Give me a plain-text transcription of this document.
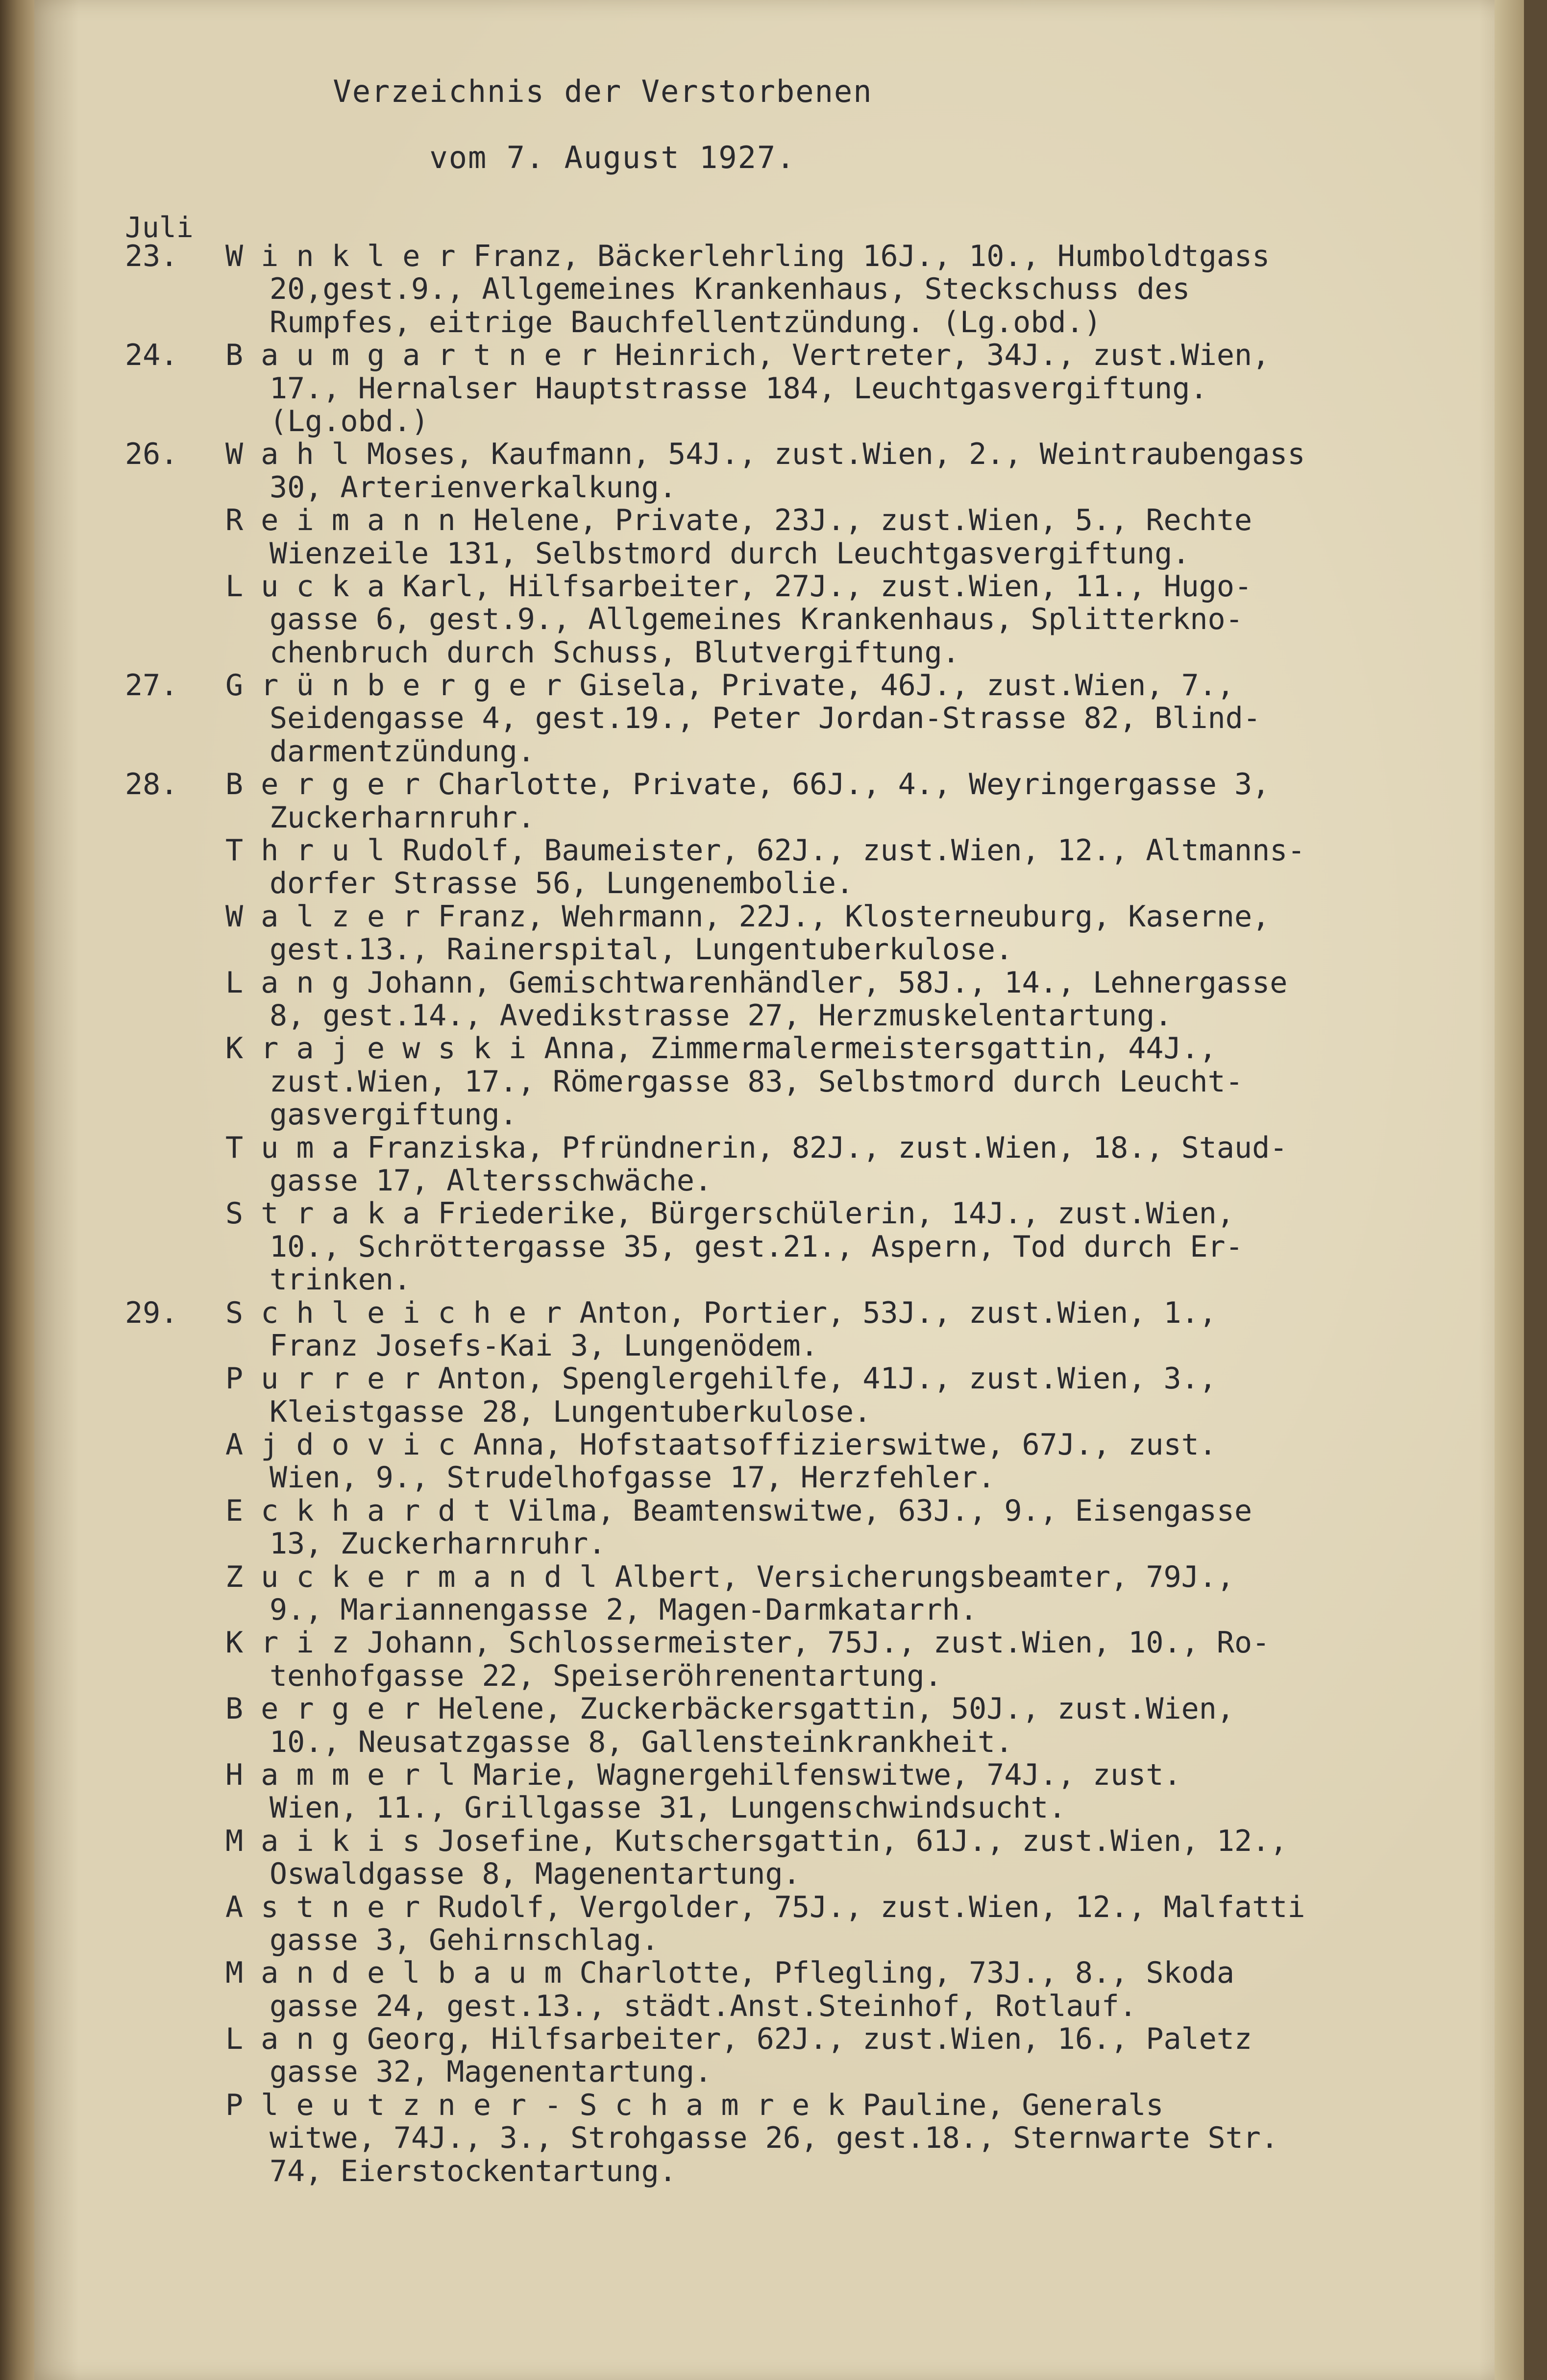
Verzeichnis der Verstorbenen
vom 7. August 1927.
Juli
23.	W i n k l e r Franz, Bäckerlehrling 16J., 10., Humboldtgass
20,gest.9., Allgemeines Krankenhaus, Steckschuss des
Rumpfes, eitrige Bauchfellentzündung. (Lg.obd.)
24.	B a u m g a r t n e r Heinrich, Vertreter, 34J., zust.Wien,
17., Hernalser Hauptstrasse 184, Leuchtgasvergiftung.
(Lg.obd.)
26.	W a h l Moses, Kaufmann, 54J., zust.Wien, 2., Weintraubengass
30, Arterienverkalkung.
R e i m a n n Helene, Private, 23J., zust.Wien, 5., Rechte
Wienzeile 131, Selbstmord durch Leuchtgasvergiftung.
L u c k a Karl, Hilfsarbeiter, 27J., zust.Wien, 11., Hugo-
gasse 6, gest.9., Allgemeines Krankenhaus, Splitterkno-
chenbruch durch Schuss, Blutvergiftung.
27.	G r ü n b e r g e r Gisela, Private, 46J., zust.Wien, 7.,
Seidengasse 4, gest.19., Peter Jordan-Strasse 82, Blind-
darmentzündung.
28.	B e r g e r Charlotte, Private, 66J., 4., Weyringergasse 3,
Zuckerharnruhr.
T h r u l Rudolf, Baumeister, 62J., zust.Wien, 12., Altmanns-
dorfer Strasse 56, Lungenembolie.
W a l z e r Franz, Wehrmann, 22J., Klosterneuburg, Kaserne,
gest.13., Rainerspital, Lungentuberkulose.
L a n g Johann, Gemischtwarenhändler, 58J., 14., Lehnergasse
8, gest.14., Avedikstrasse 27, Herzmuskelentartung.
K r a j e w s k i Anna, Zimmermalermeistersgattin, 44J.,
zust.Wien, 17., Römergasse 83, Selbstmord durch Leucht-
gasvergiftung.
T u m a Franziska, Pfründnerin, 82J., zust.Wien, 18., Staud-
gasse 17, Altersschwäche.
S t r a k a Friederike, Bürgerschülerin, 14J., zust.Wien,
10., Schröttergasse 35, gest.21., Aspern, Tod durch Er-
trinken.
29.	S c h l e i c h e r Anton, Portier, 53J., zust.Wien, 1.,
Franz Josefs-Kai 3, Lungenödem.
P u r r e r Anton, Spenglergehilfe, 41J., zust.Wien, 3.,
Kleistgasse 28, Lungentuberkulose.
A j d o v i c Anna, Hofstaatsoffizierswitwe, 67J., zust.
Wien, 9., Strudelhofgasse 17, Herzfehler.
E c k h a r d t Vilma, Beamtenswitwe, 63J., 9., Eisengasse
13, Zuckerharnruhr.
Z u c k e r m a n d l Albert, Versicherungsbeamter, 79J.,
9., Mariannengasse 2, Magen-Darmkatarrh.
K r i z Johann, Schlossermeister, 75J., zust.Wien, 10., Ro-
tenhofgasse 22, Speiseröhrenentartung.
B e r g e r Helene, Zuckerbäckersgattin, 50J., zust.Wien,
10., Neusatzgasse 8, Gallensteinkrankheit.
H a m m e r l Marie, Wagnergehilfenswitwe, 74J., zust.
Wien, 11., Grillgasse 31, Lungenschwindsucht.
M a i k i s Josefine, Kutschersgattin, 61J., zust.Wien, 12.,
Oswaldgasse 8, Magenentartung.
A s t n e r Rudolf, Vergolder, 75J., zust.Wien, 12., Malfatti
gasse 3, Gehirnschlag.
M a n d e l b a u m Charlotte, Pflegling, 73J., 8., Skoda
gasse 24, gest.13., städt.Anst.Steinhof, Rotlauf.
L a n g Georg, Hilfsarbeiter, 62J., zust.Wien, 16., Paletz
gasse 32, Magenentartung.
P l e u t z n e r - S c h a m r e k Pauline, Generals
witwe, 74J., 3., Strohgasse 26, gest.18., Sternwarte Str.
74, Eierstockentartung.
